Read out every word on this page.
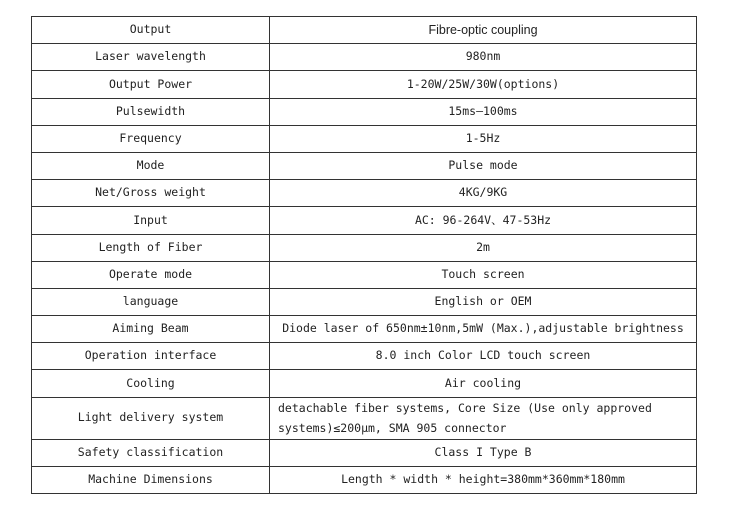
Output	Fibre-optic coupling
Laser wavelength	980nm
Output Power	1-20W/25W/30W(options)
Pulsewidth	15ms—100ms
Frequency	1-5Hz
Mode	Pulse mode
Net/Gross weight	4KG/9KG
Input	AC: 96-264V、47-53Hz
Length of Fiber	2m
Operate mode	Touch screen
language	English or OEM
Aiming Beam	Diode laser of 650nm±10nm,5mW (Max.),adjustable brightness
Operation interface	8.0 inch Color LCD touch screen
Cooling	Air cooling
Light delivery system	detachable fiber systems, Core Size (Use only approved systems)≤200μm, SMA 905 connector
Safety classification	Class I Type B
Machine Dimensions	Length * width * height=380mm*360mm*180mm
